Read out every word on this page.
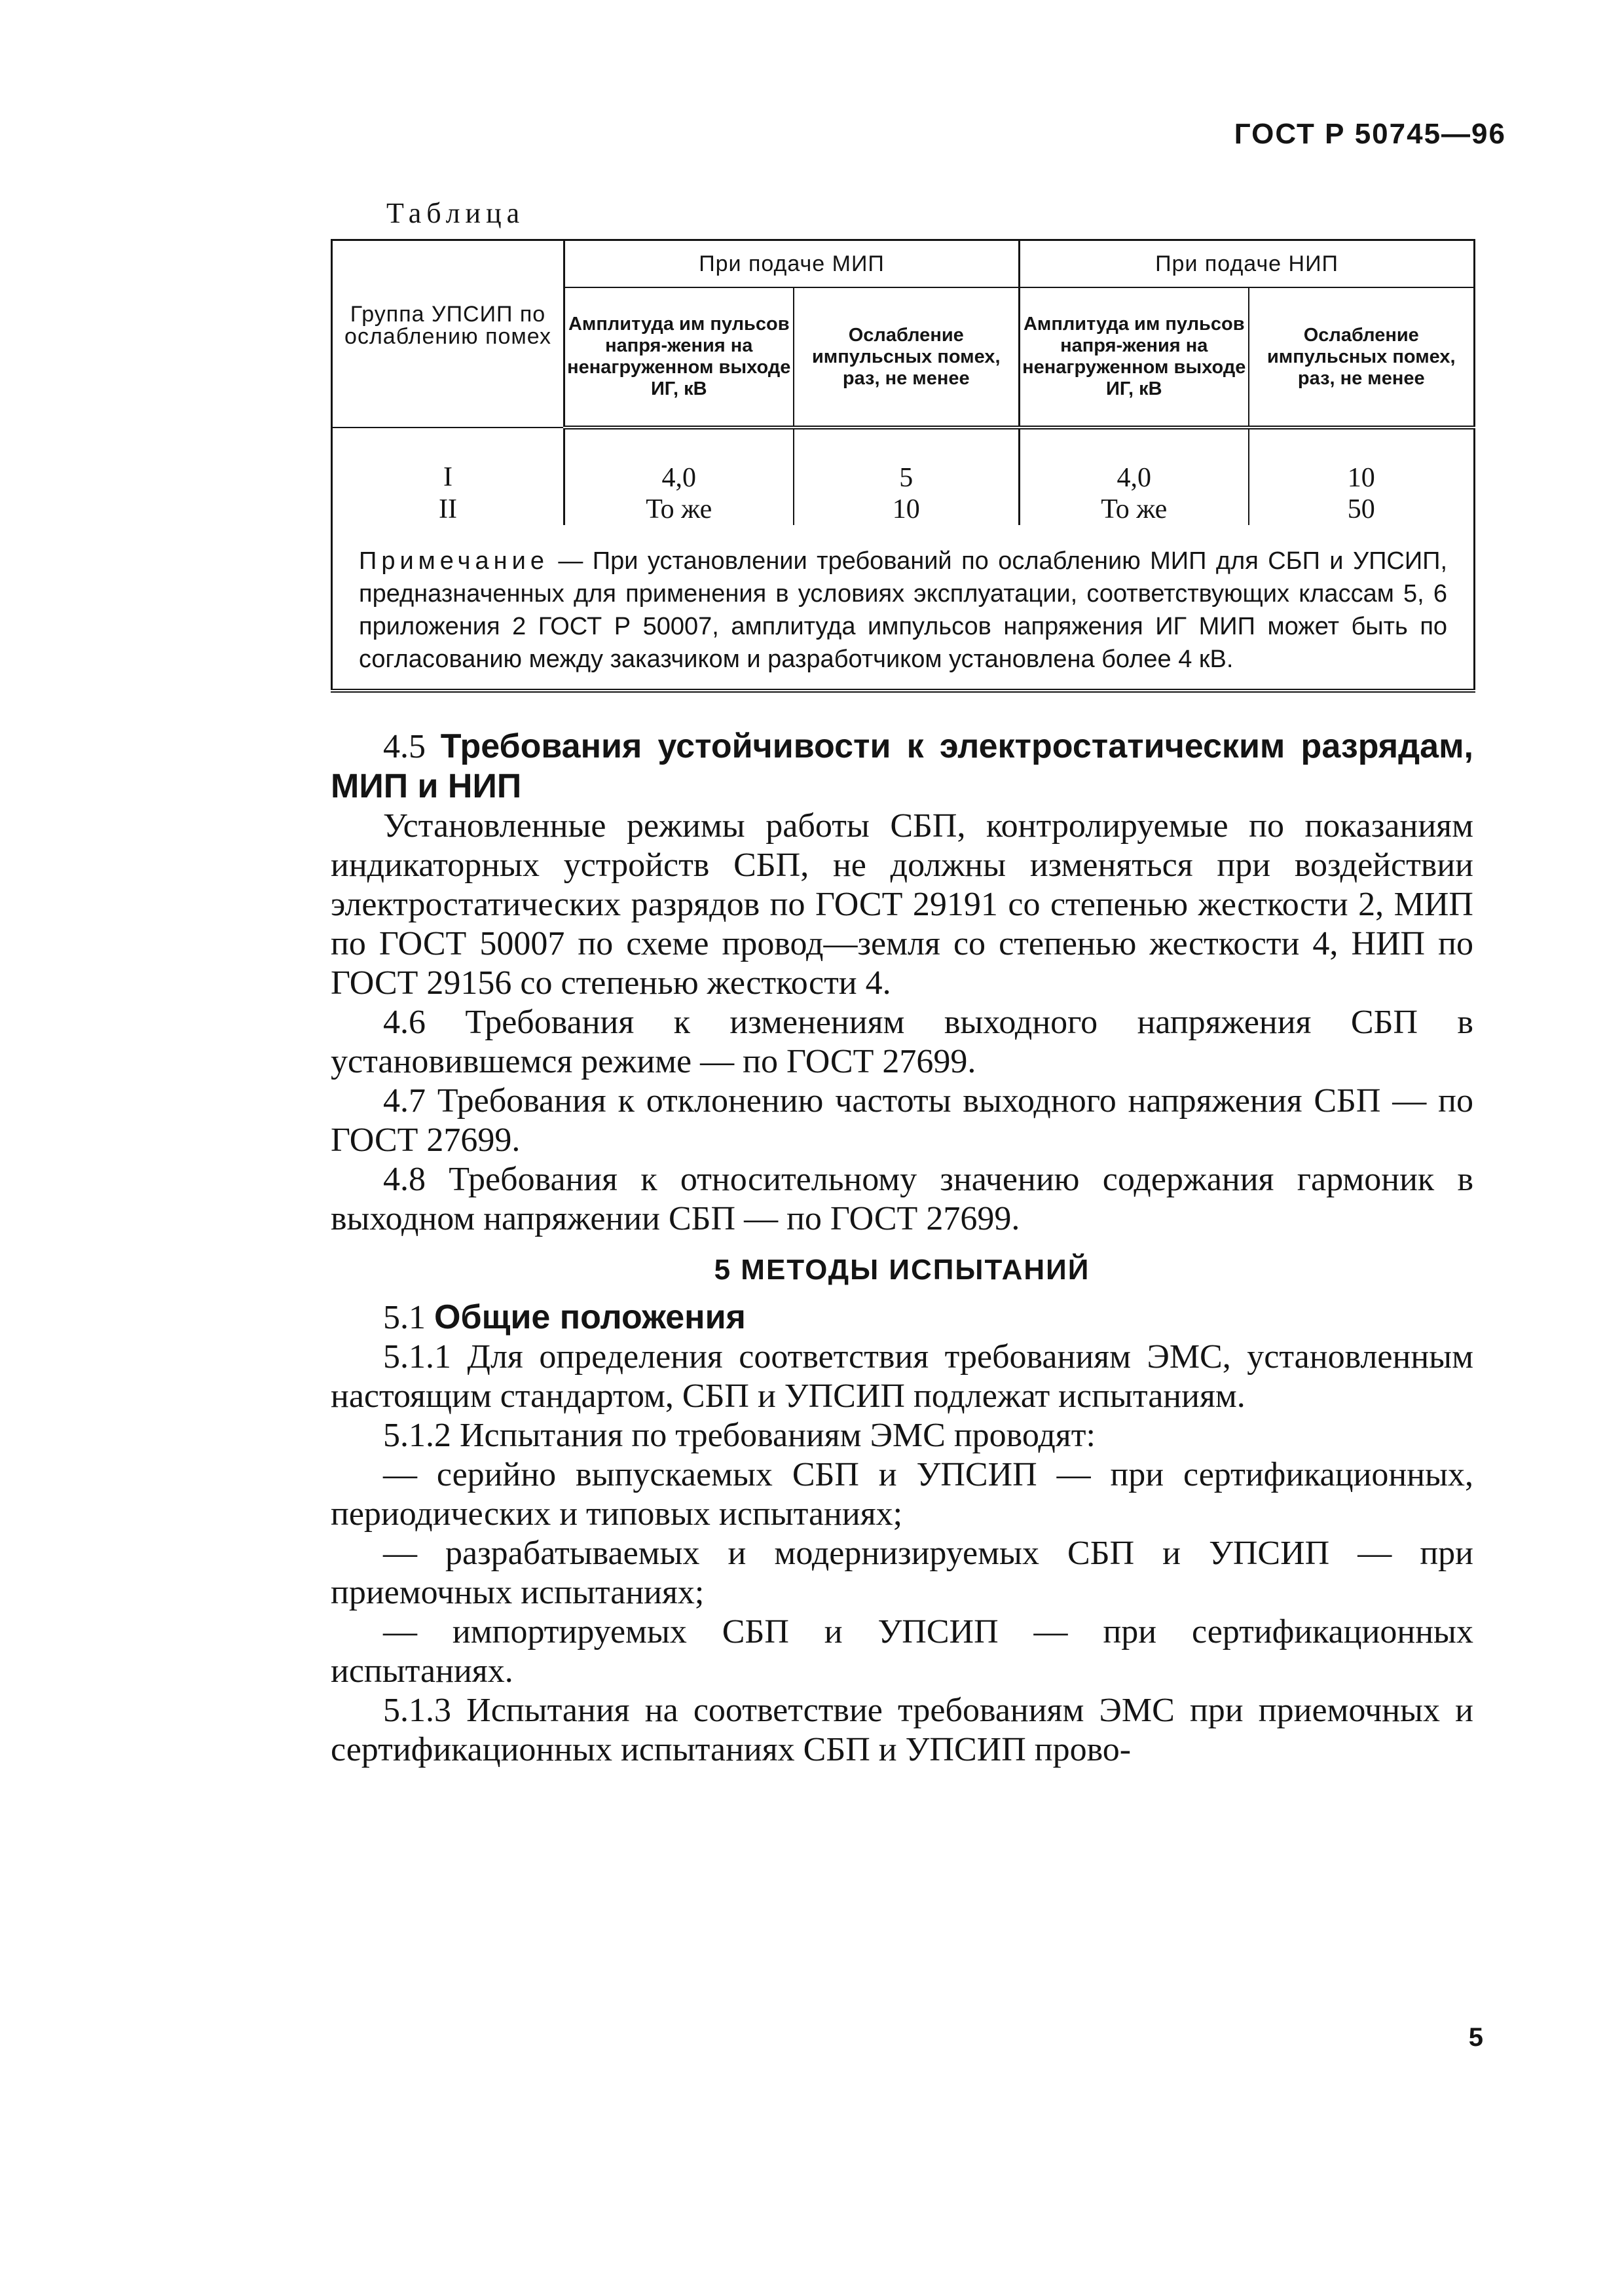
ГОСТ Р 50745—96
Таблица
Группа УПСИП по ослаблению помех	При подаче МИП		При подаче НИП	
	Амплитуда им пульсов напря-жения на ненагруженном выходе ИГ, кВ	Ослабление импульсных помех, раз, не менее	Амплитуда им пульсов напря-жения на ненагруженном выходе ИГ, кВ	Ослабление импульсных помех, раз, не менее
I	4,0	5	4,0	10
II	То же	10	То же	50
Примечание — При установлении требований по ослаблению МИП для СБП и УПСИП, предназначенных для применения в условиях эксплуатации, соответствующих классам 5, 6 приложения 2 ГОСТ Р 50007, амплитуда импульсов напряжения ИГ МИП может быть по согласованию между заказчиком и разработчиком установлена более 4 кВ.				

4.5 Требования устойчивости к электростатическим разрядам, МИП и НИП

Установленные режимы работы СБП, контролируемые по показаниям индикаторных устройств СБП, не должны изменяться при воздействии электростатических разрядов по ГОСТ 29191 со степенью жесткости 2, МИП по ГОСТ 50007 по схеме провод—земля со степенью жесткости 4, НИП по ГОСТ 29156 со степенью жесткости 4.

4.6 Требования к изменениям выходного напряжения СБП в установившемся режиме — по ГОСТ 27699.

4.7 Требования к отклонению частоты выходного напряжения СБП — по ГОСТ 27699.

4.8 Требования к относительному значению содержания гармоник в выходном напряжении СБП — по ГОСТ 27699.

5 МЕТОДЫ ИСПЫТАНИЙ

5.1 Общие положения

5.1.1 Для определения соответствия требованиям ЭМС, установленным настоящим стандартом, СБП и УПСИП подлежат испытаниям.

5.1.2 Испытания по требованиям ЭМС проводят:

— серийно выпускаемых СБП и УПСИП — при сертификационных, периодических и типовых испытаниях;

— разрабатываемых и модернизируемых СБП и УПСИП — при приемочных испытаниях;

— импортируемых СБП и УПСИП — при сертификационных испытаниях.

5.1.3 Испытания на соответствие требованиям ЭМС при приемочных и сертификационных испытаниях СБП и УПСИП прово-

5
